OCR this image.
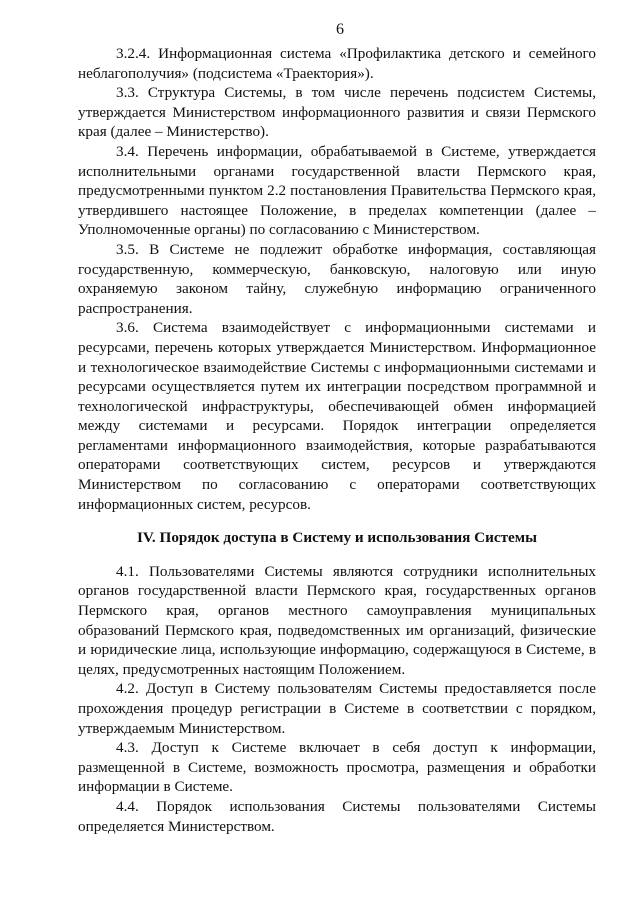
6

3.2.4. Информационная система «Профилактика детского и семейного неблагополучия» (подсистема «Траектория»).

3.3. Структура Системы, в том числе перечень подсистем Системы, утверждается Министерством информационного развития и связи Пермского края (далее – Министерство).

3.4. Перечень информации, обрабатываемой в Системе, утверждается исполнительными органами государственной власти Пермского края, предусмотренными пунктом 2.2 постановления Правительства Пермского края, утвердившего настоящее Положение, в пределах компетенции (далее – Уполномоченные органы) по согласованию с Министерством.

3.5. В Системе не подлежит обработке информация, составляющая государственную, коммерческую, банковскую, налоговую или иную охраняемую законом тайну, служебную информацию ограниченного распространения.

3.6. Система взаимодействует с информационными системами и ресурсами, перечень которых утверждается Министерством. Информационное и технологическое взаимодействие Системы с информационными системами и ресурсами осуществляется путем их интеграции посредством программной и технологической инфраструктуры, обеспечивающей обмен информацией между системами и ресурсами. Порядок интеграции определяется регламентами информационного взаимодействия, которые разрабатываются операторами соответствующих систем, ресурсов и утверждаются Министерством по согласованию с операторами соответствующих информационных систем, ресурсов.

IV. Порядок доступа в Систему и использования Системы

4.1. Пользователями Системы являются сотрудники исполнительных органов государственной власти Пермского края, государственных органов Пермского края, органов местного самоуправления муниципальных образований Пермского края, подведомственных им организаций, физические и юридические лица, использующие информацию, содержащуюся в Системе, в целях, предусмотренных настоящим Положением.

4.2. Доступ в Систему пользователям Системы предоставляется после прохождения процедур регистрации в Системе в соответствии с порядком, утверждаемым Министерством.

4.3. Доступ к Системе включает в себя доступ к информации, размещенной в Системе, возможность просмотра, размещения и обработки информации в Системе.

4.4. Порядок использования Системы пользователями Системы определяется Министерством.
